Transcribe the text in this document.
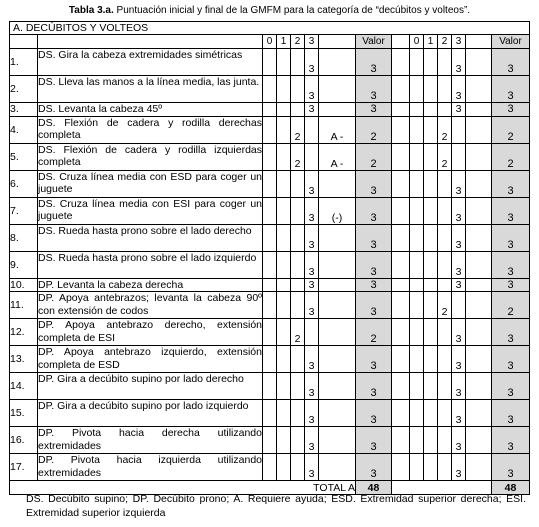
Tabla 3.a. Puntuación inicial y final de la GMFM para la categoría de “decúbitos y volteos”.
A. DECÚBITOS Y VOLTEOS														
		0	1	2	3		Valor		0	1	2	3		Valor
1.	DS. Gira la cabeza extremidades simétricas				3		3					3		3
2.	DS. Lleva las manos a la línea media, las junta.				3		3					3		3
3.	DS. Levanta la cabeza 45º				3		3					3		3
4.	DS. Flexión de cadera y rodilla derechas completa			2		A -	2				2			2
5.	DS. Flexión de cadera y rodilla izquierdas completa			2		A -	2				2			2
6.	DS. Cruza línea media con ESD para coger un juguete				3		3					3		3
7.	DS. Cruza línea media con ESI para coger un juguete				3	(-)	3					3		3
8.	DS. Rueda hasta prono sobre el lado derecho				3		3					3		3
9.	DS. Rueda hasta prono sobre el lado izquierdo				3		3					3		3
10.	DP. Levanta la cabeza derecha				3		3					3		3
11.	DP. Apoya antebrazos; levanta la cabeza 90º con extensión de codos				3		3				2			2
12.	DP. Apoya antebrazo derecho, extensión completa de ESI			2			2					3		3
13.	DP. Apoya antebrazo izquierdo, extensión completa de ESD				3		3					3		3
14.	DP. Gira a decúbito supino por lado derecho				3		3					3		3
15.	DP. Gira a decúbito supino por lado izquierdo				3		3					3		3
16.	DP. Pivota hacia derecha utilizando extremidades				3		3					3		3
17.	DP. Pivota hacia izquierda utilizando extremidades				3		3					3		3
TOTAL A							48							48
DS. Decúbito supino; DP. Decúbito prono; A. Requiere ayuda; ESD. Extremidad superior derecha; ESI. Extremidad superior izquierda
